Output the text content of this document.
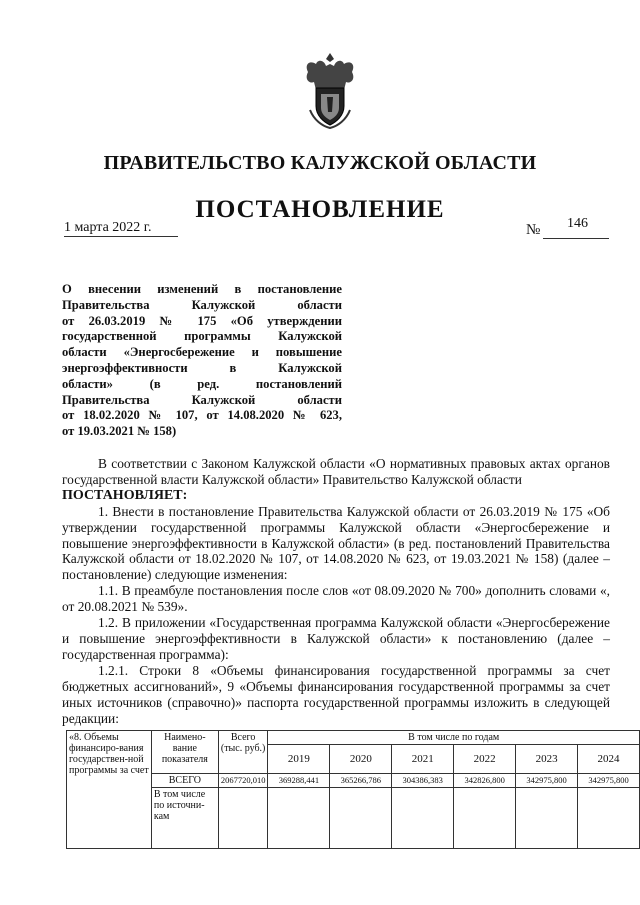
ПРАВИТЕЛЬСТВО КАЛУЖСКОЙ ОБЛАСТИ
ПОСТАНОВЛЕНИЕ
1 марта 2022 г.	№ 146
О внесении изменений в постановление
Правительства Калужской области
от 26.03.2019 № 175 «Об утверждении
государственной программы Калужской
области «Энергосбережение и повышение
энергоэффективности в Калужской
области» (в ред. постановлений
Правительства Калужской области
от 18.02.2020 № 107, от 14.08.2020 № 623,
от 19.03.2021 № 158)

В соответствии с Законом Калужской области «О нормативных правовых актах органов государственной власти Калужской области» Правительство Калужской области

ПОСТАНОВЛЯЕТ:

1. Внести в постановление Правительства Калужской области от 26.03.2019 № 175 «Об утверждении государственной программы Калужской области «Энергосбережение и повышение энергоэффективности в Калужской области» (в ред. постановлений Правительства Калужской области от 18.02.2020 № 107, от 14.08.2020 № 623, от 19.03.2021 № 158) (далее – постановление) следующие изменения:

1.1. В преамбуле постановления после слов «от 08.09.2020 № 700» дополнить словами «, от 20.08.2021 № 539».

1.2. В приложении «Государственная программа Калужской области «Энергосбережение и повышение энергоэффективности в Калужской области» к постановлению (далее – государственная программа):

1.2.1. Строки 8 «Объемы финансирования государственной программы за счет бюджетных ассигнований», 9 «Объемы финансирования государственной программы за счет иных источников (справочно)» паспорта государственной программы изложить в следующей редакции:

«8. Объемы финансиро-вания государствен-ной программы за счет	Наимено-вание показателя	Всего (тыс. руб.)	В том числе по годам					
			2019	2020	2021	2022	2023	2024
	ВСЕГО	2067720,010	369288,441	365266,786	304386,383	342826,800	342975,800	342975,800
	В том числе по источни-кам							
